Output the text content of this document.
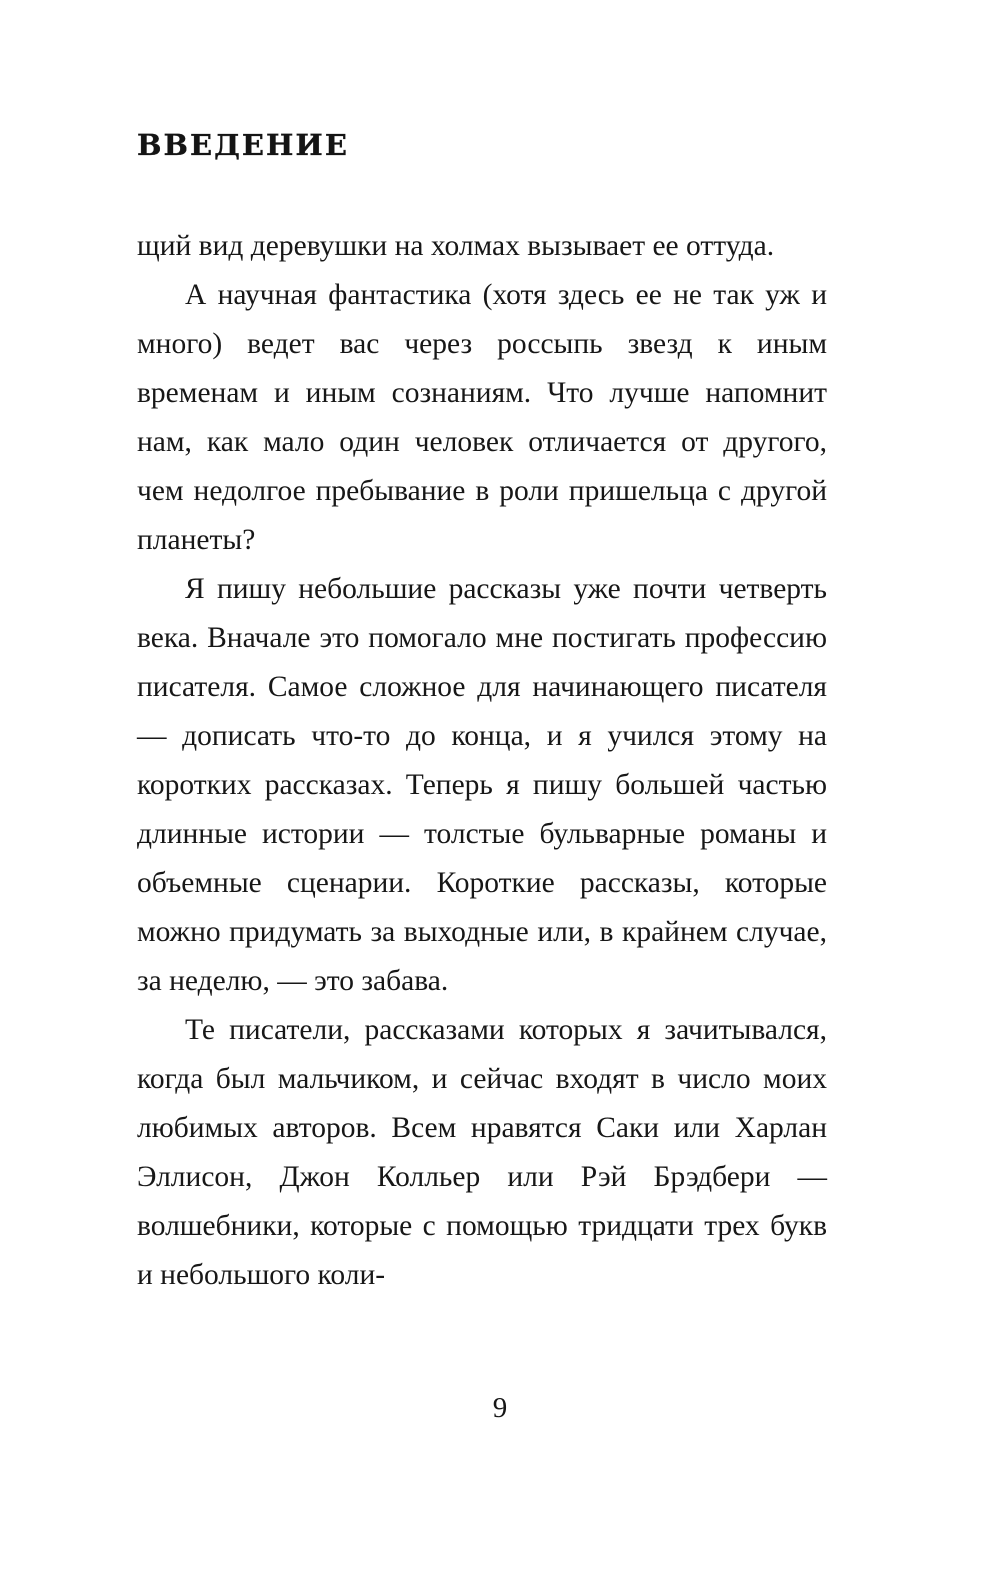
ВВЕДЕНИЕ

щий вид деревушки на холмах вызывает ее оттуда.

А научная фантастика (хотя здесь ее не так уж и много) ведет вас через россыпь звезд к иным временам и иным сознаниям. Что лучше напомнит нам, как мало один человек отличается от другого, чем недолгое пребывание в роли пришельца с другой планеты?

Я пишу небольшие рассказы уже почти четверть века. Вначале это помогало мне постигать профессию писателя. Самое сложное для начинающего писателя — дописать что-то до конца, и я учился этому на коротких рассказах. Теперь я пишу большей частью длинные истории — толстые бульварные романы и объемные сценарии. Короткие рассказы, которые можно придумать за выходные или, в крайнем случае, за неделю, — это забава.

Те писатели, рассказами которых я зачитывался, когда был мальчиком, и сейчас входят в число моих любимых авторов. Всем нравятся Саки или Харлан Эллисон, Джон Колльер или Рэй Брэдбери — волшебники, которые с помощью тридцати трех букв и небольшого коли-

9
